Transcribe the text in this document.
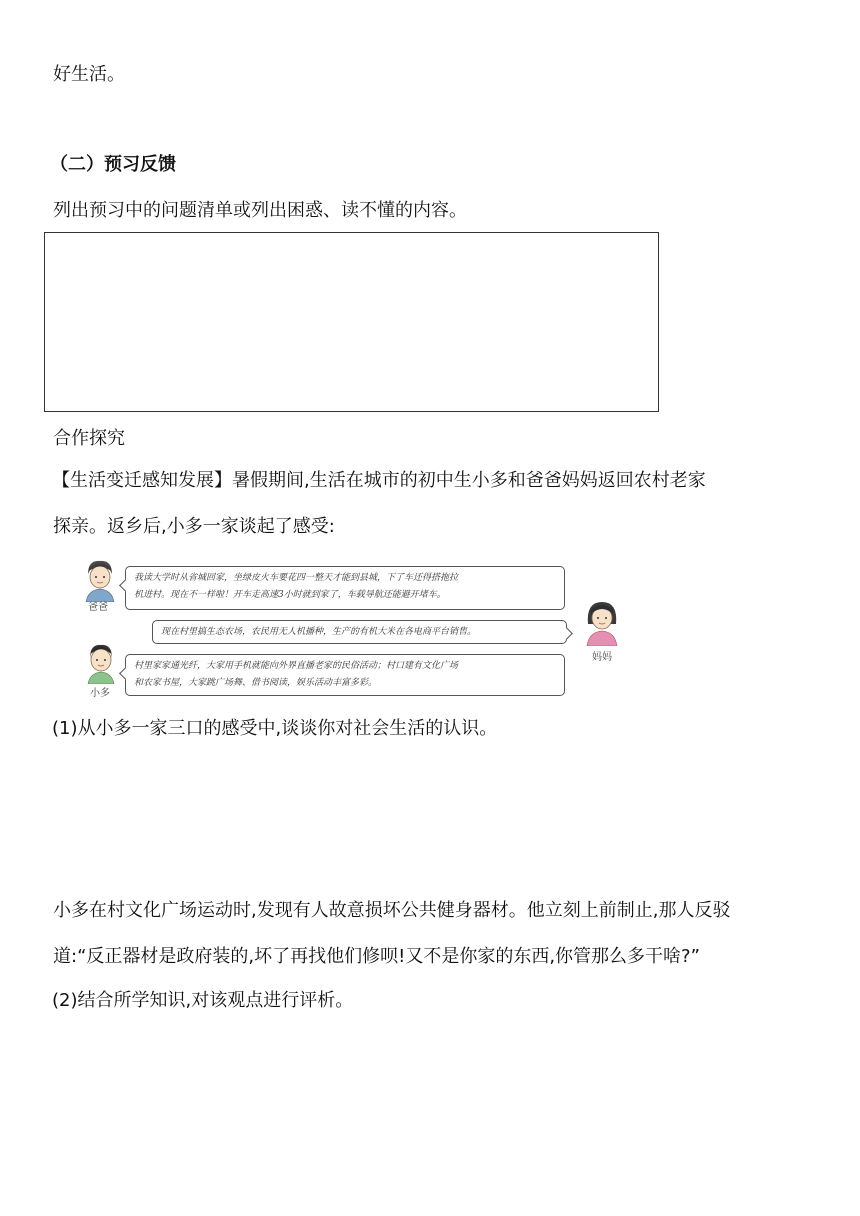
好生活。
（二）预习反馈
列出预习中的问题清单或列出困惑、读不懂的内容。
合作探究
【生活变迁感知发展】暑假期间,生活在城市的初中生小多和爸爸妈妈返回农村老家
探亲。返乡后,小多一家谈起了感受:
爸爸
我读大学时从省城回家，坐绿皮火车要花四一整天才能到县城，下了车还得搭拖拉
机进村。现在不一样啦！开车走高速3小时就到家了，车载导航还能避开堵车。
现在村里搞生态农场，农民用无人机播种，生产的有机大米在各电商平台销售。
妈妈
小多
村里家家通光纤，大家用手机就能向外界直播老家的民俗活动；村口建有文化广场
和农家书屋，大家跳广场舞、借书阅读，娱乐活动丰富多彩。
(1)从小多一家三口的感受中,谈谈你对社会生活的认识。
小多在村文化广场运动时,发现有人故意损坏公共健身器材。他立刻上前制止,那人反驳
道:“反正器材是政府装的,坏了再找他们修呗!又不是你家的东西,你管那么多干啥?”
(2)结合所学知识,对该观点进行评析。
